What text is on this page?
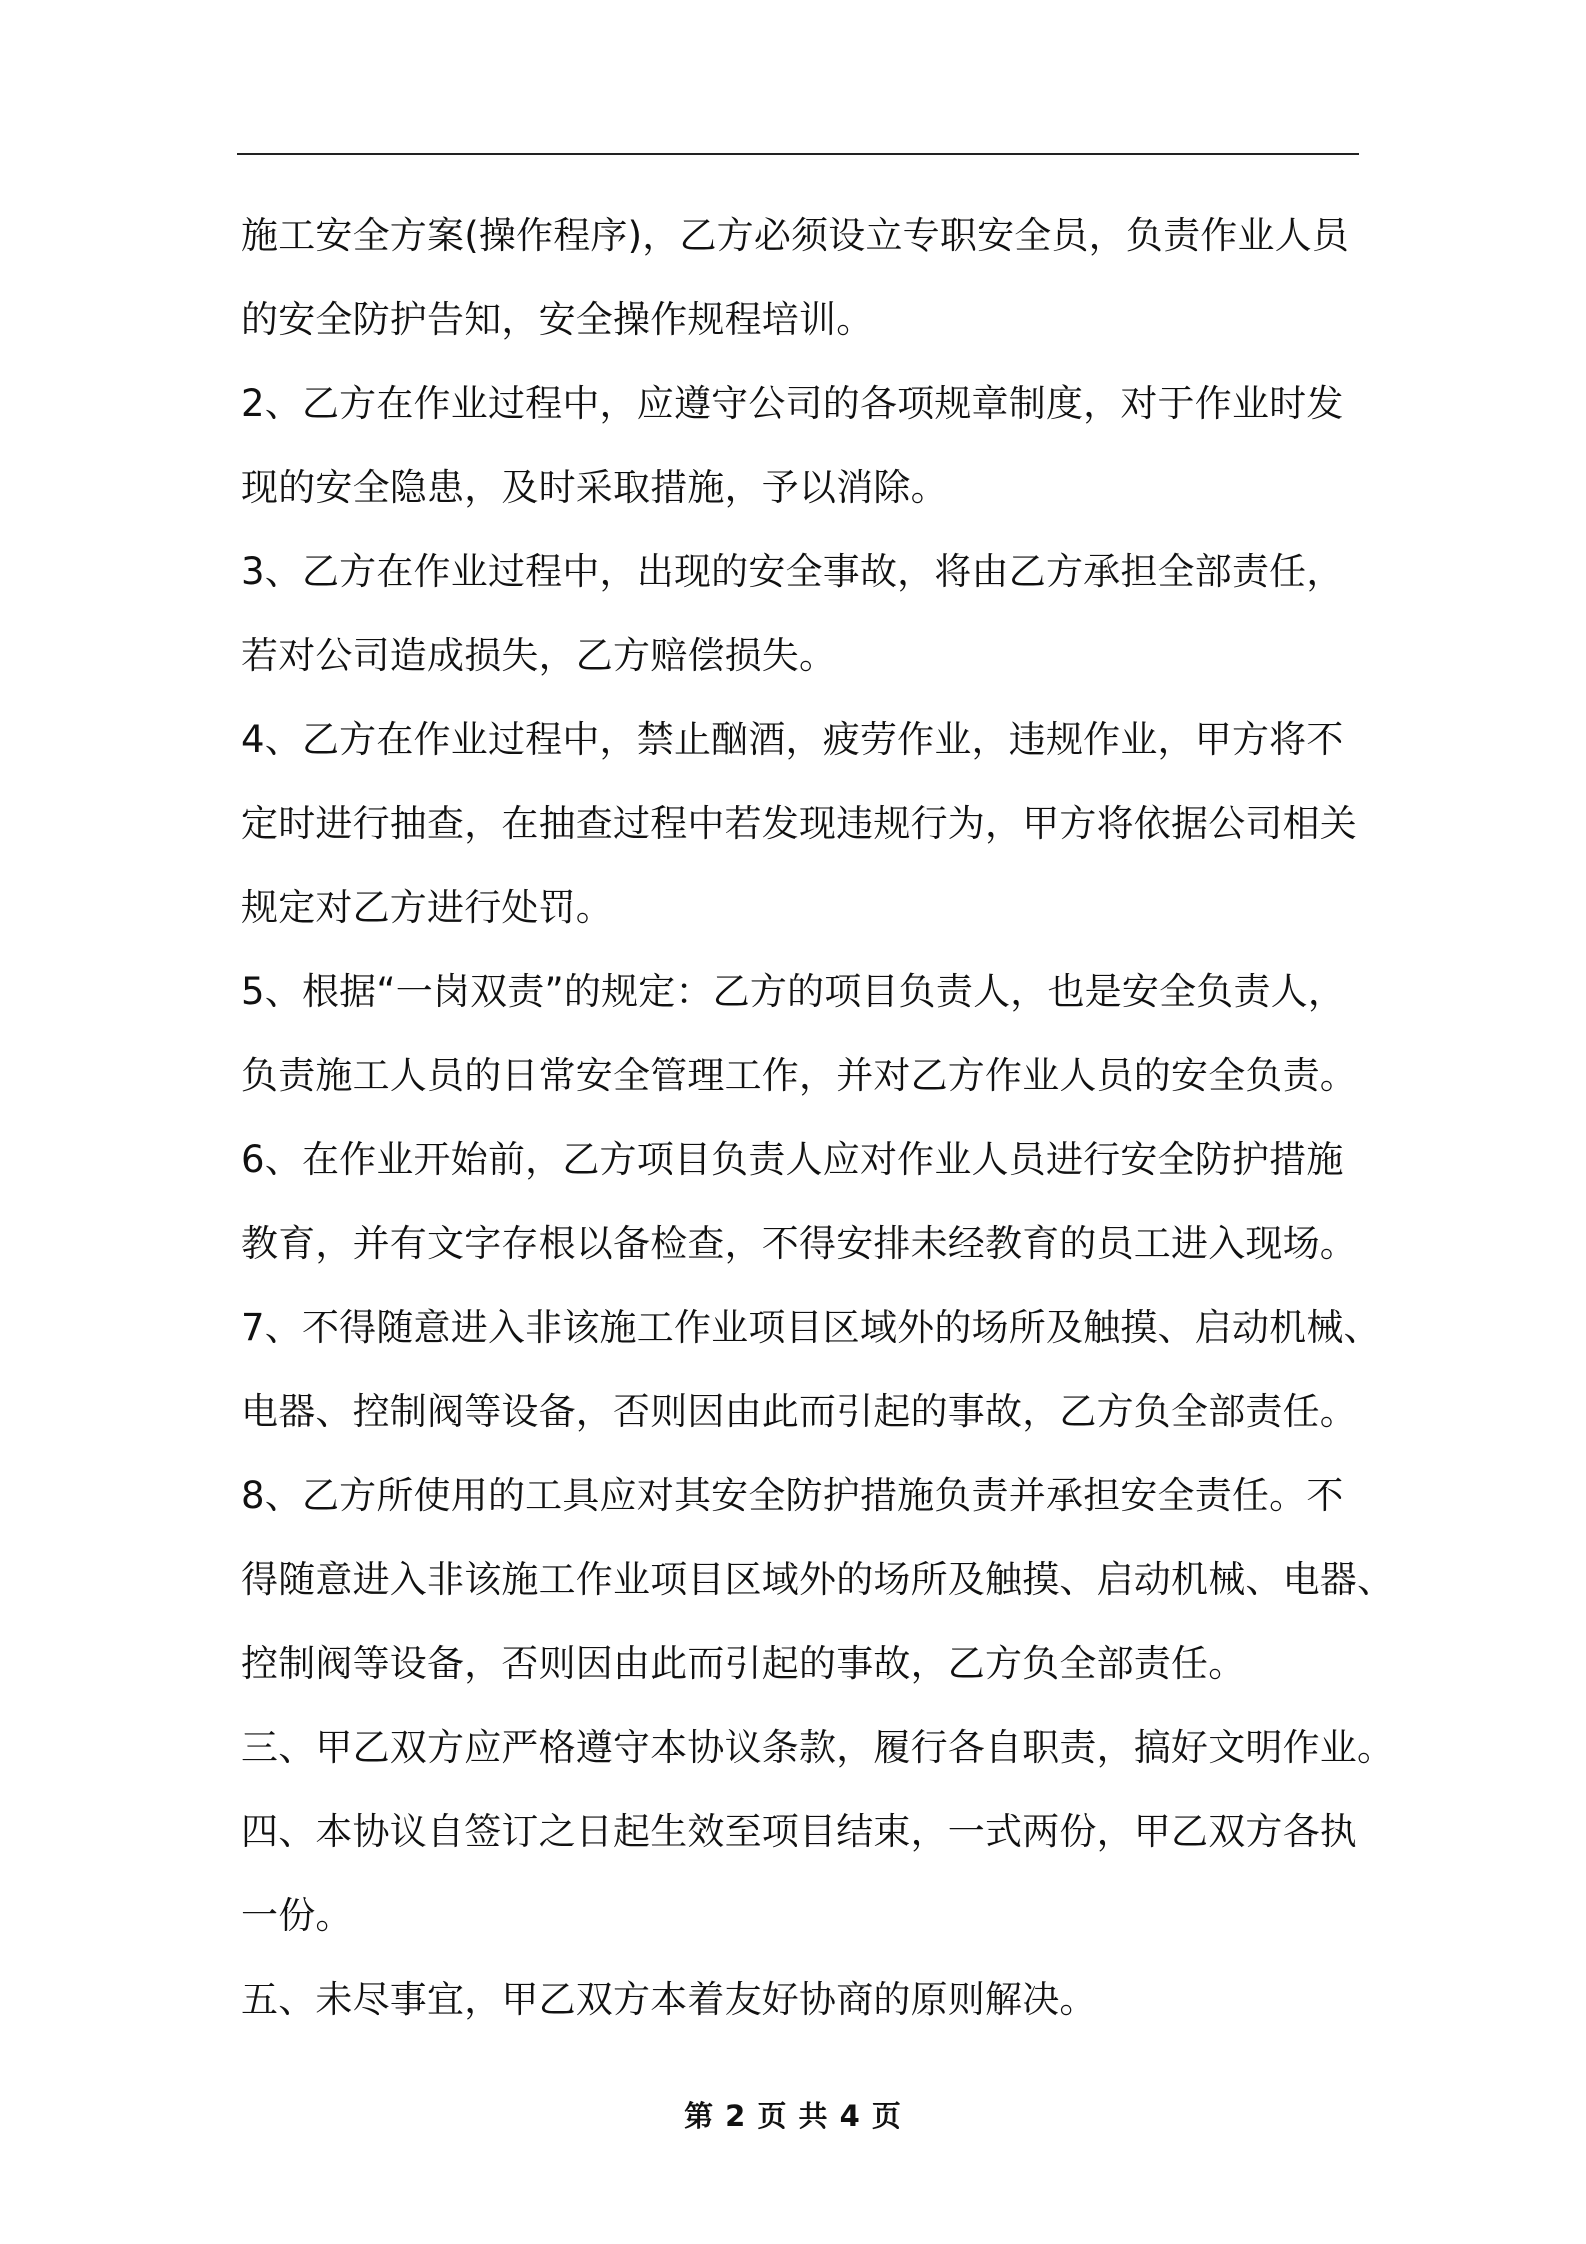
施工安全方案(操作程序)，乙方必须设立专职安全员，负责作业人员
的安全防护告知，安全操作规程培训。
2、乙方在作业过程中，应遵守公司的各项规章制度，对于作业时发
现的安全隐患，及时采取措施，予以消除。
3、乙方在作业过程中，出现的安全事故，将由乙方承担全部责任，
若对公司造成损失，乙方赔偿损失。
4、乙方在作业过程中，禁止酗酒，疲劳作业，违规作业，甲方将不
定时进行抽查，在抽查过程中若发现违规行为，甲方将依据公司相关
规定对乙方进行处罚。
5、根据“一岗双责”的规定：乙方的项目负责人，也是安全负责人，
负责施工人员的日常安全管理工作，并对乙方作业人员的安全负责。
6、在作业开始前，乙方项目负责人应对作业人员进行安全防护措施
教育，并有文字存根以备检查，不得安排未经教育的员工进入现场。
7、不得随意进入非该施工作业项目区域外的场所及触摸、启动机械、
电器、控制阀等设备，否则因由此而引起的事故，乙方负全部责任。
8、乙方所使用的工具应对其安全防护措施负责并承担安全责任。不
得随意进入非该施工作业项目区域外的场所及触摸、启动机械、电器、
控制阀等设备，否则因由此而引起的事故，乙方负全部责任。
三、甲乙双方应严格遵守本协议条款，履行各自职责，搞好文明作业。
四、本协议自签订之日起生效至项目结束，一式两份，甲乙双方各执
一份。
五、未尽事宜，甲乙双方本着友好协商的原则解决。
第 2 页 共 4 页
